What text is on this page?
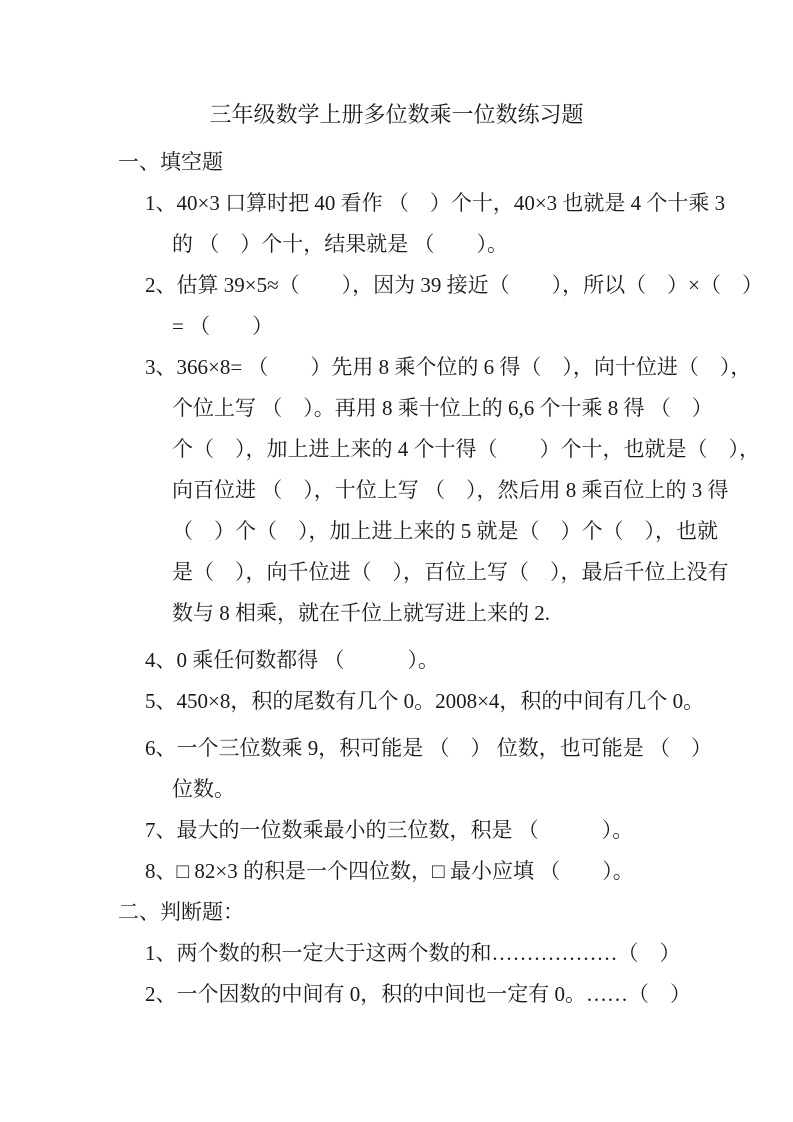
三年级数学上册多位数乘一位数练习题
一、填空题
1、40×3 口算时把 40 看作 （　）个十，40×3 也就是 4 个十乘 3
的 （　）个十，结果就是 （　　）。
2、估算 39×5≈（　　），因为 39 接近（　　），所以（　）×（　）
= （　　）
3、366×8= （　　）先用 8 乘个位的 6 得（　），向十位进（　），
个位上写 （　）。再用 8 乘十位上的 6,6 个十乘 8 得 （　）
个（　），加上进上来的 4 个十得（　　）个十，也就是（　），
向百位进 （　），十位上写 （　），然后用 8 乘百位上的 3 得
（　）个（　），加上进上来的 5 就是（　）个（　），也就
是（　），向千位进（　），百位上写（　），最后千位上没有
数与 8 相乘，就在千位上就写进上来的 2.
4、0 乘任何数都得 （　　　）。
5、450×8，积的尾数有几个 0。2008×4，积的中间有几个 0。
6、一个三位数乘 9，积可能是 （　） 位数，也可能是 （　）
位数。
7、最大的一位数乘最小的三位数，积是 （　　　）。
8、□ 82×3 的积是一个四位数，□ 最小应填 （　　）。
二、判断题：
1、两个数的积一定大于这两个数的和………………（　）
2、一个因数的中间有 0，积的中间也一定有 0。……（　）
